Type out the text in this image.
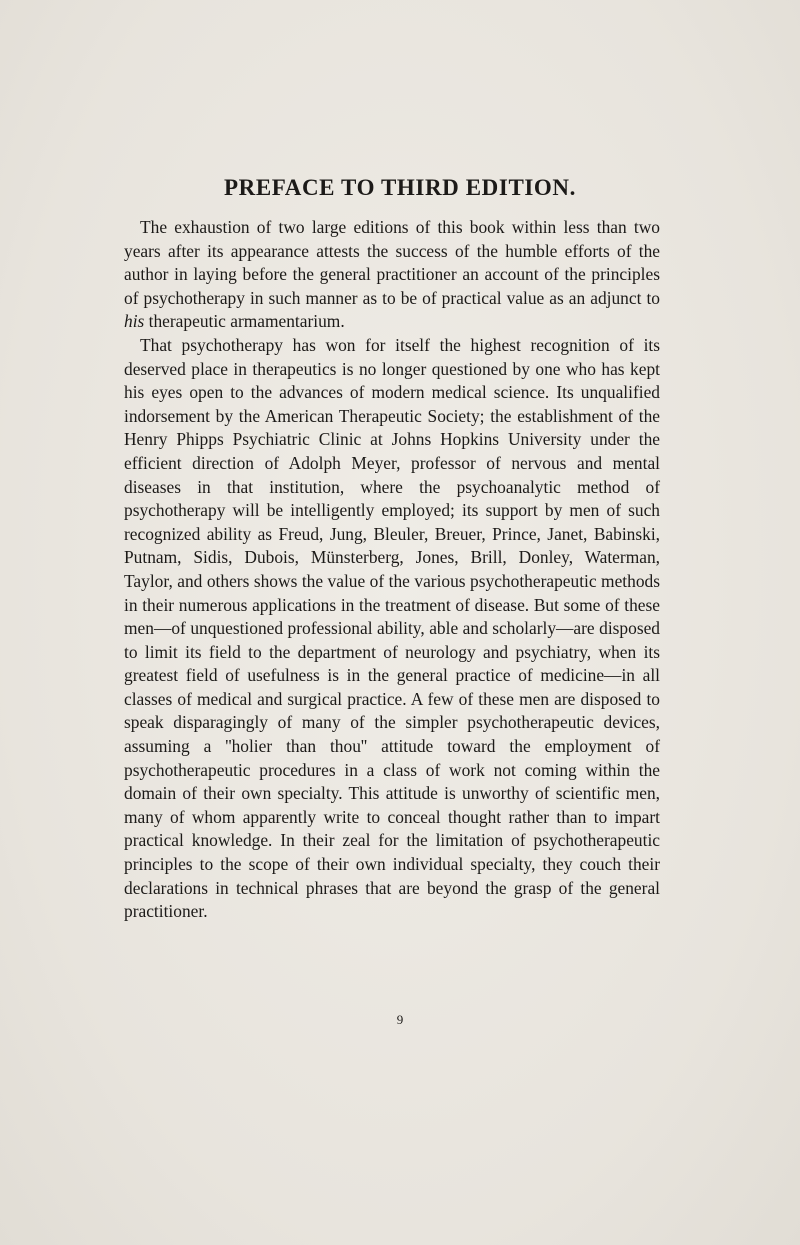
PREFACE TO THIRD EDITION.

The exhaustion of two large editions of this book within less than two years after its appearance attests the success of the humble efforts of the author in laying before the general practitioner an account of the principles of psychotherapy in such manner as to be of practical value as an adjunct to his therapeutic armamentarium.

That psychotherapy has won for itself the highest recognition of its deserved place in therapeutics is no longer questioned by one who has kept his eyes open to the advances of modern medical science. Its unqualified indorsement by the American Therapeutic Society; the establishment of the Henry Phipps Psychiatric Clinic at Johns Hopkins University under the efficient direction of Adolph Meyer, professor of nervous and mental diseases in that institution, where the psychoanalytic method of psychotherapy will be intelligently employed; its support by men of such recognized ability as Freud, Jung, Bleuler, Breuer, Prince, Janet, Babinski, Putnam, Sidis, Dubois, Münsterberg, Jones, Brill, Donley, Waterman, Taylor, and others shows the value of the various psychotherapeutic methods in their numerous applications in the treatment of disease. But some of these men—of unquestioned professional ability, able and scholarly—are disposed to limit its field to the department of neurology and psychiatry, when its greatest field of usefulness is in the general practice of medicine—in all classes of medical and surgical practice. A few of these men are disposed to speak disparagingly of many of the simpler psychotherapeutic devices, assuming a ''holier than thou'' attitude toward the employment of psychotherapeutic procedures in a class of work not coming within the domain of their own specialty. This attitude is unworthy of scientific men, many of whom apparently write to conceal thought rather than to impart practical knowledge. In their zeal for the limitation of psychotherapeutic principles to the scope of their own individual specialty, they couch their declarations in technical phrases that are beyond the grasp of the general practitioner.

9
